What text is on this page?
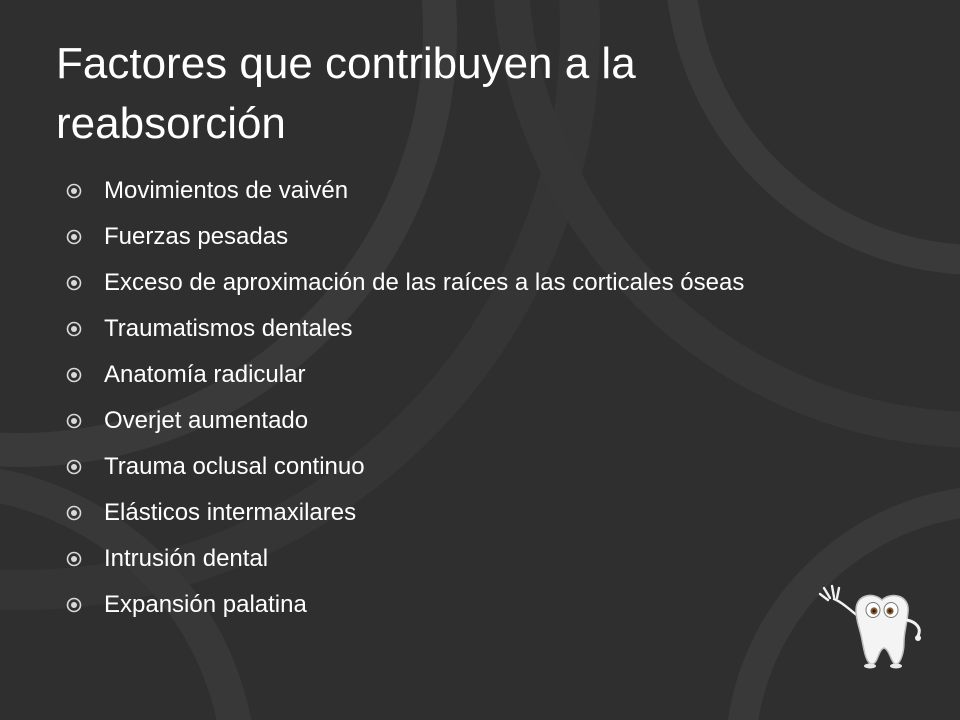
Factores que contribuyen a la reabsorción
Movimientos de vaivén
Fuerzas pesadas
Exceso de aproximación de las raíces a las corticales óseas
Traumatismos dentales
Anatomía radicular
Overjet aumentado
Trauma oclusal continuo
Elásticos intermaxilares
Intrusión dental
Expansión palatina
